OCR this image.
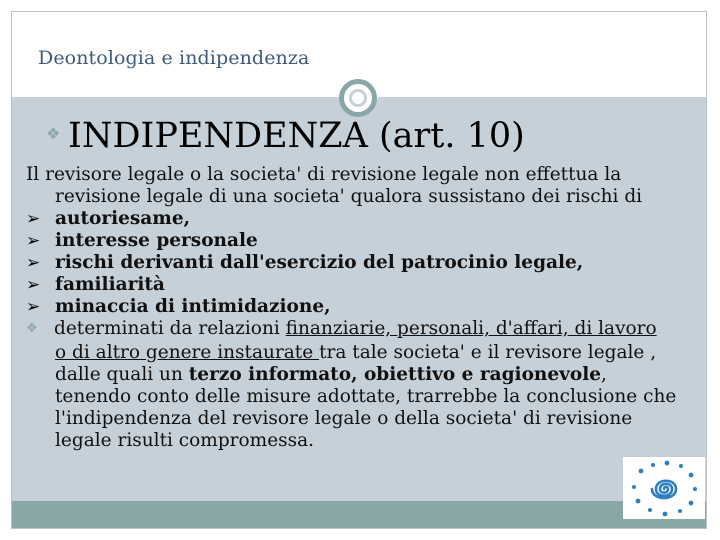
Deontologia e indipendenza
❖ INDIPENDENZA (art. 10)
Il revisore legale o la societa' di revisione legale non effettua la
revisione legale di una societa' qualora sussistano dei rischi di
➢ autoriesame,
➢ interesse personale
➢ rischi derivanti dall'esercizio del patrocinio legale,
➢ familiarità
➢ minaccia di intimidazione,
❖ determinati da relazioni finanziarie, personali, d'affari, di lavoro
o di altro genere instaurate tra tale societa' e il revisore legale ,
dalle quali un terzo informato, obiettivo e ragionevole,
tenendo conto delle misure adottate, trarrebbe la conclusione che
l'indipendenza del revisore legale o della societa' di revisione
legale risulti compromessa.
